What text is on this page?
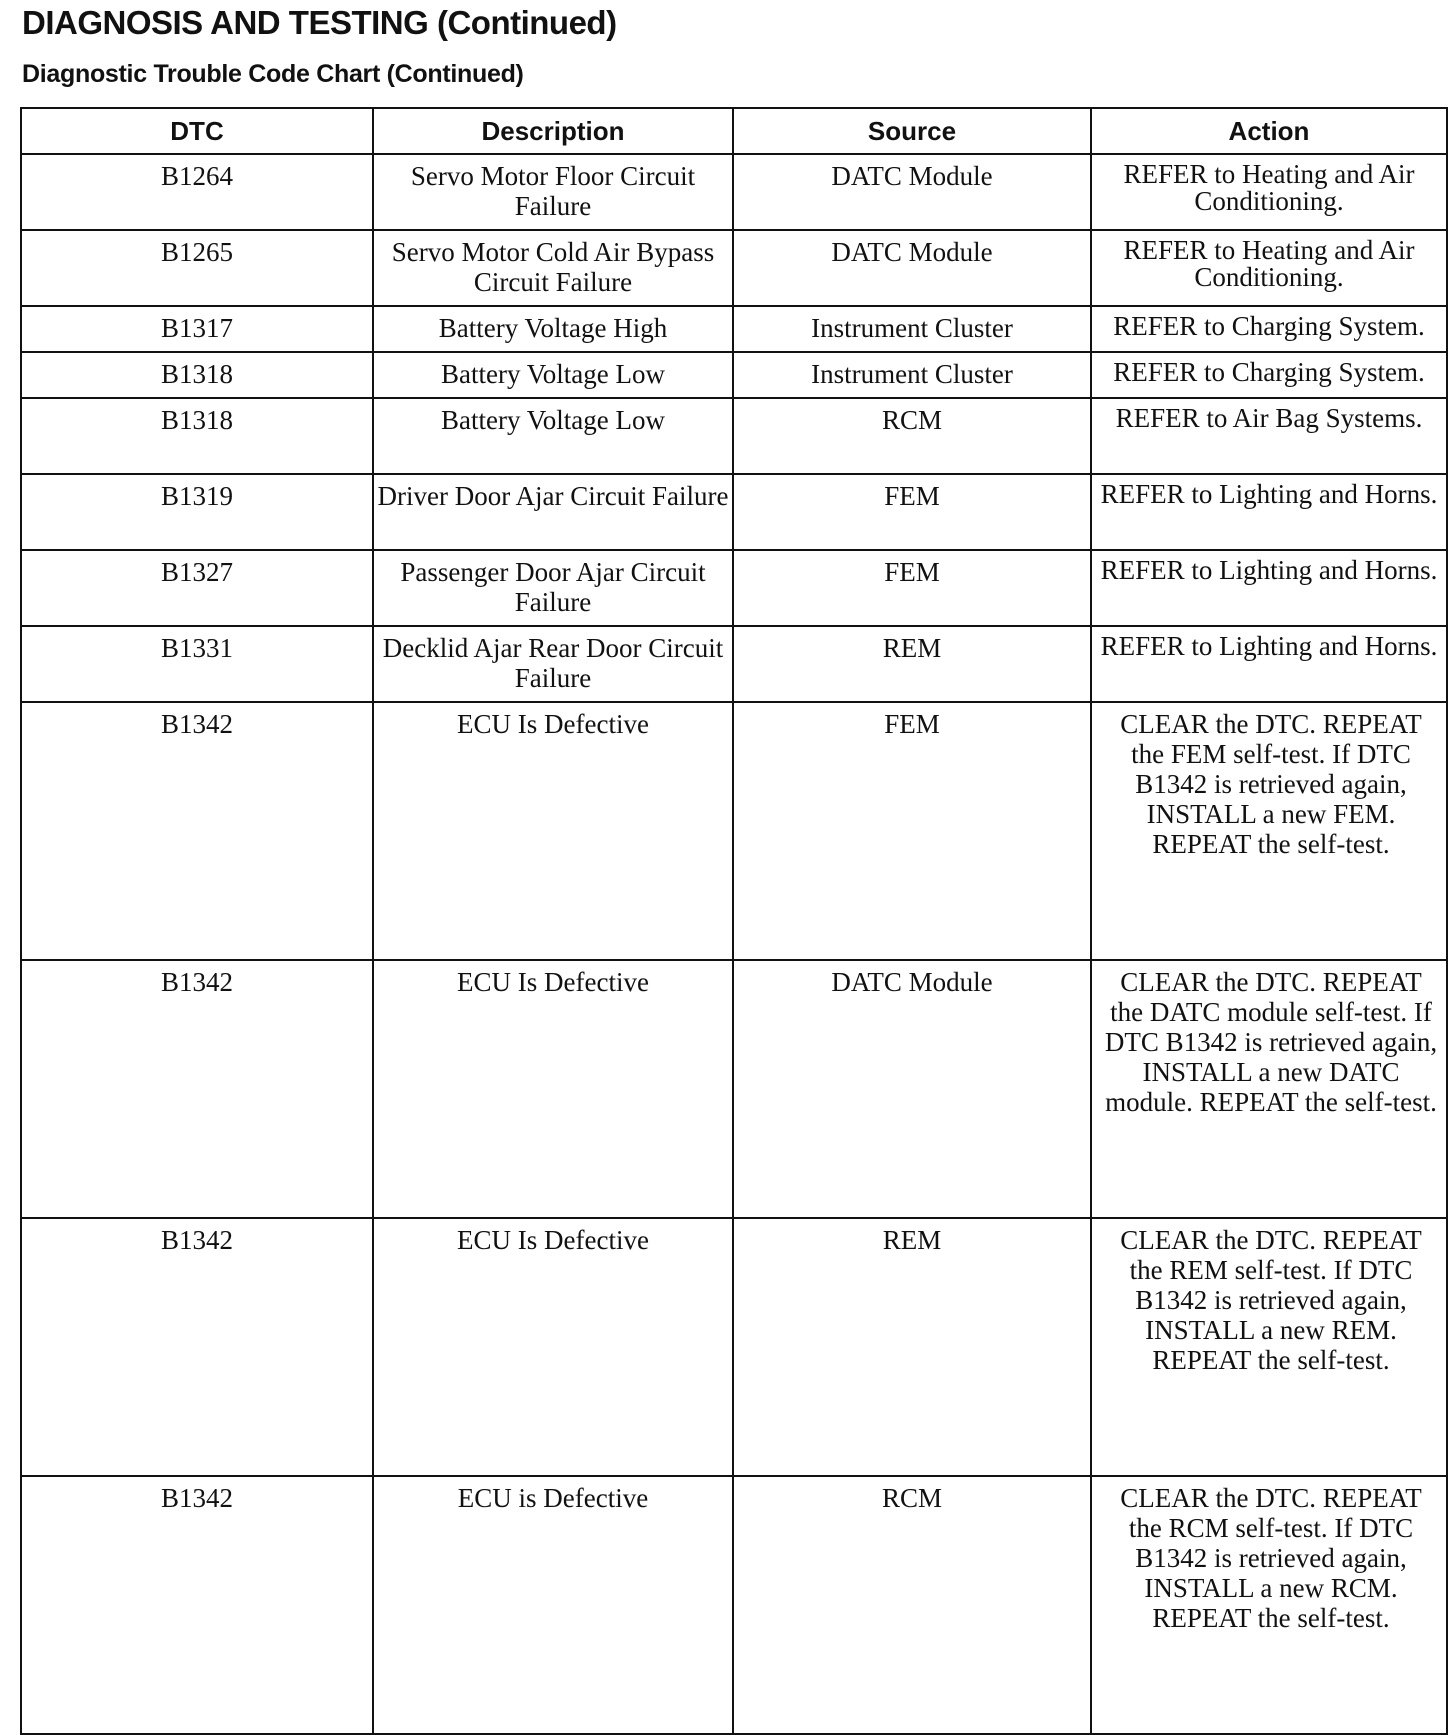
DIAGNOSIS AND TESTING (Continued)
Diagnostic Trouble Code Chart (Continued)
DTC	Description	Source	Action
B1264	Servo Motor Floor Circuit Failure	DATC Module	REFER to Heating and Air Conditioning.
B1265	Servo Motor Cold Air Bypass Circuit Failure	DATC Module	REFER to Heating and Air Conditioning.
B1317	Battery Voltage High	Instrument Cluster	REFER to Charging System.
B1318	Battery Voltage Low	Instrument Cluster	REFER to Charging System.
B1318	Battery Voltage Low	RCM	REFER to Air Bag Systems.
B1319	Driver Door Ajar Circuit Failure	FEM	REFER to Lighting and Horns.
B1327	Passenger Door Ajar Circuit Failure	FEM	REFER to Lighting and Horns.
B1331	Decklid Ajar Rear Door Circuit Failure	REM	REFER to Lighting and Horns.
B1342	ECU Is Defective	FEM	CLEAR the DTC. REPEAT the FEM self-test. If DTC B1342 is retrieved again, INSTALL a new FEM. REPEAT the self-test.
B1342	ECU Is Defective	DATC Module	CLEAR the DTC. REPEAT the DATC module self-test. If DTC B1342 is retrieved again, INSTALL a new DATC module. REPEAT the self-test.
B1342	ECU Is Defective	REM	CLEAR the DTC. REPEAT the REM self-test. If DTC B1342 is retrieved again, INSTALL a new REM. REPEAT the self-test.
B1342	ECU is Defective	RCM	CLEAR the DTC. REPEAT the RCM self-test. If DTC B1342 is retrieved again, INSTALL a new RCM. REPEAT the self-test.
